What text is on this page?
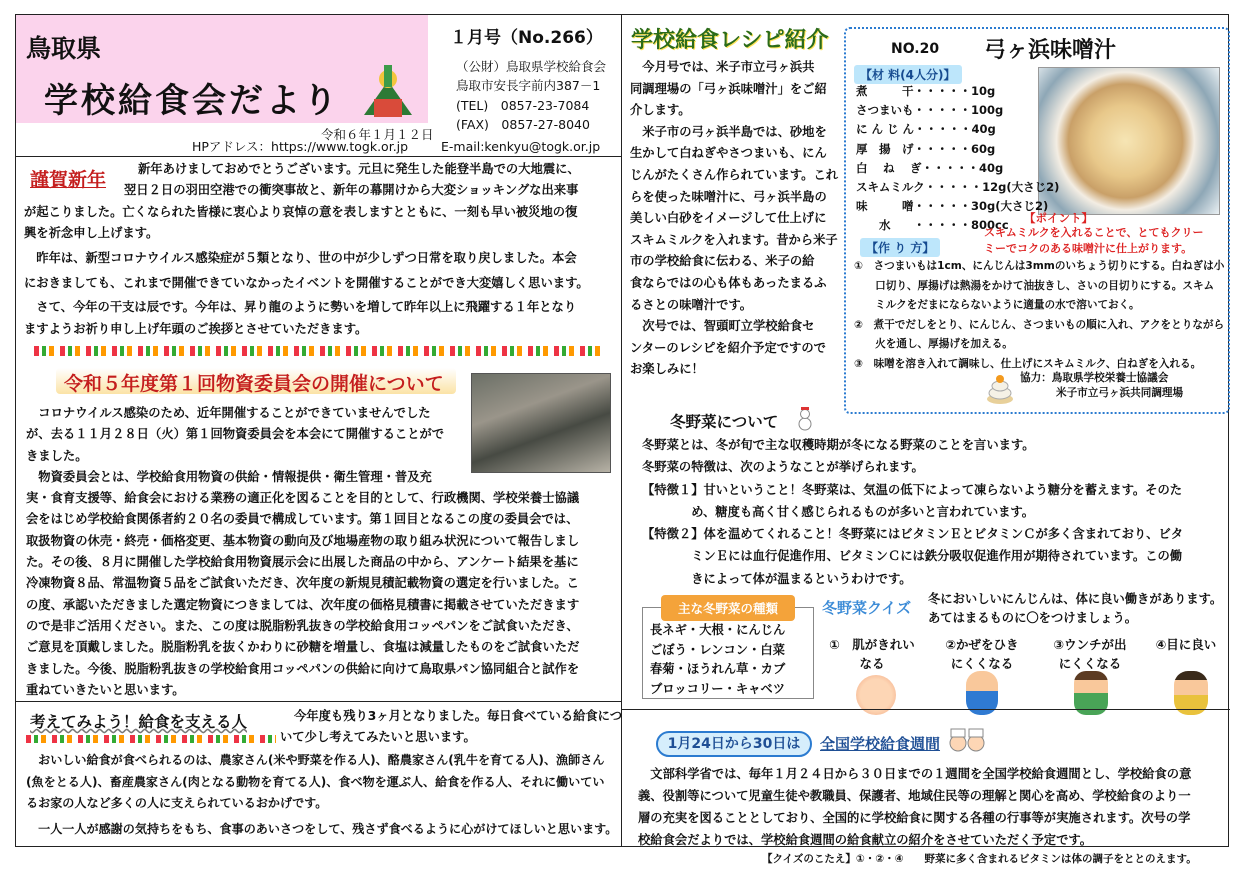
鳥取県
学校給食会だより
１月号（No.266）
（公財）鳥取県学校給食会
鳥取市安長字前内387－1
(TEL)　0857-23-7084
(FAX)　0857-27-8040
令和６年１月１２日
HPアドレス：https://www.togk.or.jp	E-mail:kenkyu@togk.or.jp
謹賀新年	新年あけましておめでとうございます。元旦に発生した能登半島での大地震に、
翌日２日の羽田空港での衝突事故と、新年の幕開けから大変ショッキングな出来事
が起こりました。亡くなられた皆様に衷心より哀悼の意を表しますとともに、一刻も早い被災地の復
興を祈念申し上げます。
　昨年は、新型コロナウイルス感染症が５類となり、世の中が少しずつ日常を取り戻しました。本会
におきましても、これまで開催できていなかったイベントを開催することができ大変嬉しく思います。
　さて、今年の干支は辰です。今年は、昇り龍のように勢いを増して昨年以上に飛躍する１年となり
ますようお祈り申し上げ年頭のご挨拶とさせていただきます。
令和５年度第１回物資委員会の開催について
　コロナウイルス感染のため、近年開催することができていませんでした
が、去る１１月２８日（火）第１回物資委員会を本会にて開催することがで
きました。
　物資委員会とは、学校給食用物資の供給・情報提供・衛生管理・普及充
実・食育支援等、給食会における業務の適正化を図ることを目的として、行政機関、学校栄養士協議
会をはじめ学校給食関係者約２０名の委員で構成しています。第１回目となるこの度の委員会では、
取扱物資の休売・終売・価格変更、基本物資の動向及び地場産物の取り組み状況について報告しまし
た。その後、８月に開催した学校給食用物資展示会に出展した商品の中から、アンケート結果を基に
冷凍物資８品、常温物資５品をご試食いただき、次年度の新規見積記載物資の選定を行いました。こ
の度、承認いただきました選定物資につきましては、次年度の価格見積書に掲載させていただきます
ので是非ご活用ください。また、この度は脱脂粉乳抜きの学校給食用コッペパンをご試食いただき、
ご意見を頂戴しました。脱脂粉乳を抜くかわりに砂糖を増量し、食塩は減量したものをご試食いただ
きました。今後、脱脂粉乳抜きの学校給食用コッペパンの供給に向けて鳥取県パン協同組合と試作を
重ねていきたいと思います。
考えてみよう！給食を支える人	今年度も残り3ヶ月となりました。毎日食べている給食につ
いて少し考えてみたいと思います。
　おいしい給食が食べられるのは、農家さん(米や野菜を作る人)、酪農家さん(乳牛を育てる人)、漁師さん
(魚をとる人)、畜産農家さん(肉となる動物を育てる人)、食べ物を運ぶ人、給食を作る人、それに働いてい
るお家の人など多くの人に支えられているおかげです。
　一人一人が感謝の気持ちをもち、食事のあいさつをして、残さず食べるように心がけてほしいと思います。
学校給食レシピ紹介
　今月号では、米子市立弓ヶ浜共
同調理場の「弓ヶ浜味噌汁」をご紹
介します。
　米子市の弓ヶ浜半島では、砂地を
生かして白ねぎやさつまいも、にん
じんがたくさん作られています。これ
らを使った味噌汁に、弓ヶ浜半島の
美しい白砂をイメージして仕上げに
スキムミルクを入れます。昔から米子
市の学校給食に伝わる、米子の給
食ならではの心も体もあったまるふ
るさとの味噌汁です。
　次号では、智頭町立学校給食セ
ンターのレシピを紹介予定ですので
お楽しみに！
NO.20 弓ヶ浜味噌汁
【材 料(4人分)】
煮　　　干・・・・・10g
さつまいも・・・・・100g
に ん じ ん・・・・・40g
厚　揚　げ・・・・・60g
白　 ね 　ぎ・・・・・40g
スキムミルク・・・・・12g(大さじ2)
味　　　噌・・・・・30g(大さじ2)
　　水　　・・・・・800cc
【ポイント】
スキムミルクを入れることで、とてもクリー
ミーでコクのある味噌汁に仕上がります。
【作 り 方】
①　さつまいもは1cm、にんじんは3mmのいちょう切りにする。白ねぎは小
　　口切り、厚揚げは熱湯をかけて油抜きし、さいの目切りにする。スキム
　　ミルクをだまにならないように適量の水で溶いておく。
②　煮干でだしをとり、にんじん、さつまいもの順に入れ、アクをとりながら
　　火を通し、厚揚げを加える。
③　味噌を溶き入れて調味し、仕上げにスキムミルク、白ねぎを入れる。
協力：鳥取県学校栄養士協議会
米子市立弓ヶ浜共同調理場
冬野菜について
冬野菜とは、冬が旬で主な収穫時期が冬になる野菜のことを言います。
冬野菜の特徴は、次のようなことが挙げられます。
【特徴１】甘いということ！冬野菜は、気温の低下によって凍らないよう糖分を蓄えます。そのた
　　　　め、糖度も高く甘く感じられるものが多いと言われています。
【特徴２】体を温めてくれること！冬野菜にはビタミンＥとビタミンＣが多く含まれており、ビタ
　　　　ミンＥには血行促進作用、ビタミンＣには鉄分吸収促進作用が期待されています。この働
　　　　きによって体が温まるというわけです。
主な冬野菜の種類
長ネギ・大根・にんじん
ごぼう・レンコン・白菜
春菊・ほうれん草・カブ
ブロッコリー・キャベツ
冬野菜クイズ 冬においしいにんじんは、体に良い働きがあります。
あてはまるものに〇をつけましょう。
①　肌がきれい
なる
②かぜをひき
にくくなる
③ウンチが出
にくくなる
④目に良い
1月24日から30日は	全国学校給食週間
　文部科学省では、毎年１月２４日から３０日までの１週間を全国学校給食週間とし、学校給食の意
義、役割等について児童生徒や教職員、保護者、地域住民等の理解と関心を高め、学校給食のより一
層の充実を図ることとしており、全国的に学校給食に関する各種の行事等が実施されます。次号の学
校給食会だよりでは、学校給食週間の給食献立の紹介をさせていただく予定です。
【クイズのこたえ】①・②・④　　野菜に多く含まれるビタミンは体の調子をととのえます。
